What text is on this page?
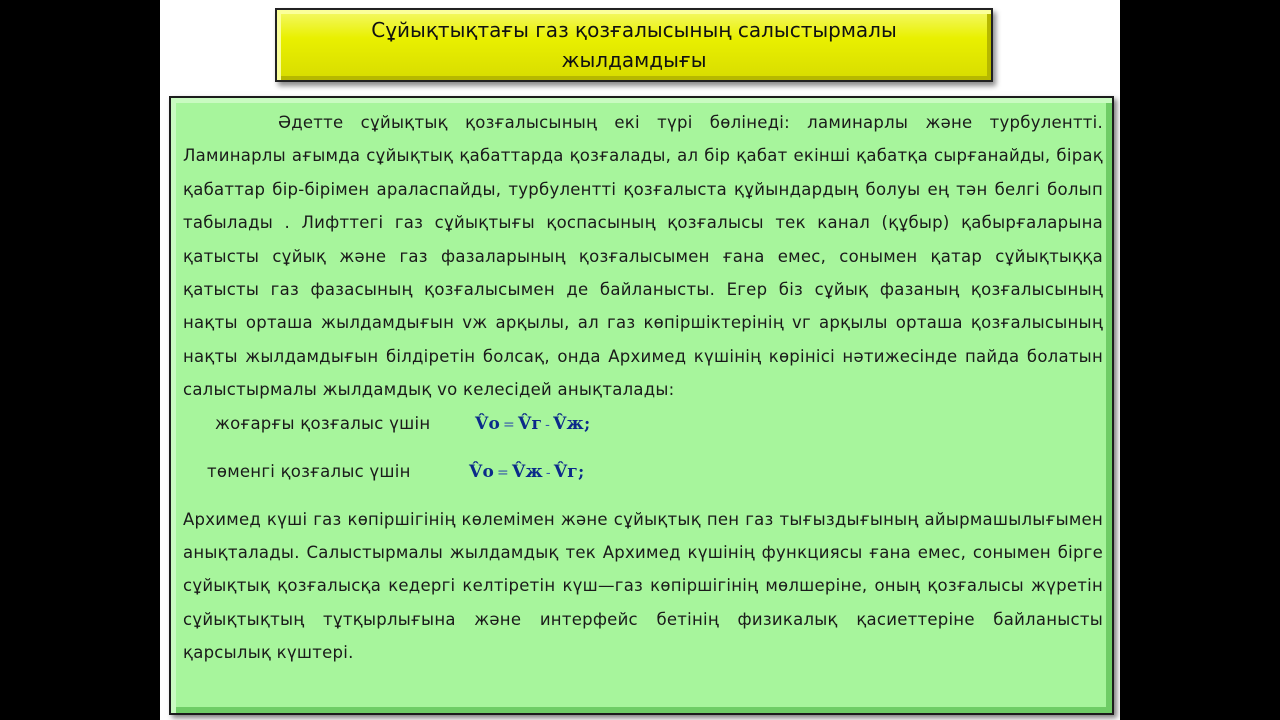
Сұйықтықтағы газ қозғалысының салыстырмалы жылдамдығы

Әдетте сұйықтық қозғалысының екі түрі бөлінеді: ламинарлы және турбулентті. Ламинарлы ағымда сұйықтық қабаттарда қозғалады, ал бір қабат екінші қабатқа сырғанайды, бірақ қабаттар бір-бірімен араласпайды, турбулентті қозғалыста құйындардың болуы ең тән белгі болып табылады . Лифттегі газ сұйықтығы қоспасының қозғалысы тек канал (құбыр) қабырғаларына қатысты сұйық және газ фазаларының қозғалысымен ғана емес, сонымен қатар сұйықтыққа қатысты газ фазасының қозғалысымен де байланысты. Егер біз сұйық фазаның қозғалысының нақты орташа жылдамдығын vж арқылы, ал газ көпіршіктерінің vг арқылы орташа қозғалысының нақты жылдамдығын білдіретін болсақ, онда Архимед күшінің көрінісі нәтижесінде пайда болатын салыстырмалы жылдамдық vо келесідей анықталады:

жоғарғы қозғалыс үшін	V̂o = V̂г - V̂ж;
төменгі қозғалыс үшін	V̂o = V̂ж - V̂г;

Архимед күші газ көпіршігінің көлемімен және сұйықтық пен газ тығыздығының айырмашылығымен анықталады. Салыстырмалы жылдамдық тек Архимед күшінің функциясы ғана емес, сонымен бірге сұйықтық қозғалысқа кедергі келтіретін күш—газ көпіршігінің мөлшеріне, оның қозғалысы жүретін сұйықтықтың тұтқырлығына және интерфейс бетінің физикалық қасиеттеріне байланысты қарсылық күштері.
